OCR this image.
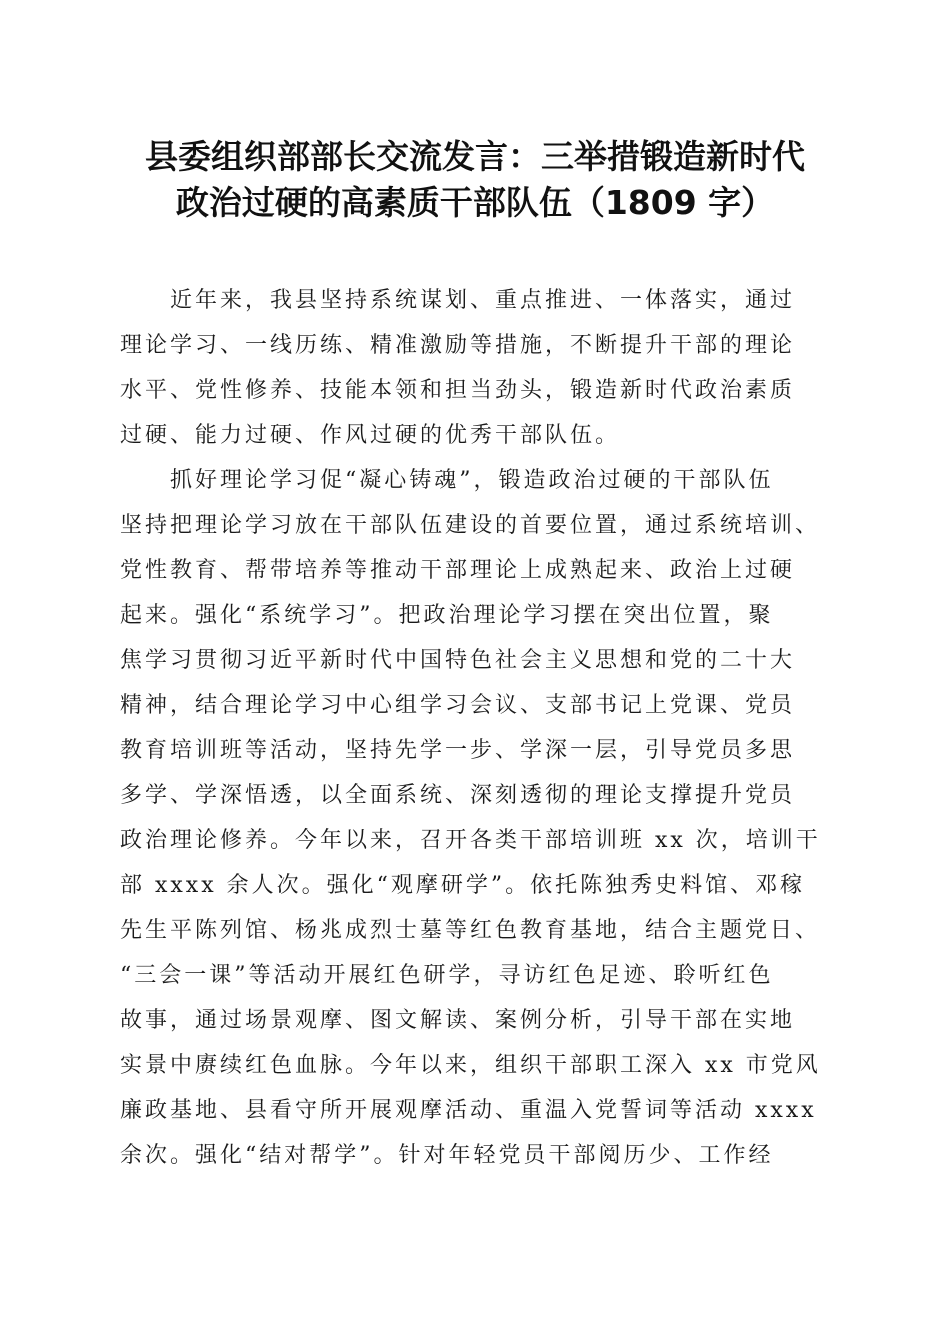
县委组织部部长交流发言：三举措锻造新时代
政治过硬的高素质干部队伍（1809 字）

近年来，我县坚持系统谋划、重点推进、一体落实，通过
理论学习、一线历练、精准激励等措施，不断提升干部的理论
水平、党性修养、技能本领和担当劲头，锻造新时代政治素质
过硬、能力过硬、作风过硬的优秀干部队伍。

抓好理论学习促“凝心铸魂”，锻造政治过硬的干部队伍

坚持把理论学习放在干部队伍建设的首要位置，通过系统培训、
党性教育、帮带培养等推动干部理论上成熟起来、政治上过硬
起来。强化“系统学习”。把政治理论学习摆在突出位置，聚
焦学习贯彻习近平新时代中国特色社会主义思想和党的二十大
精神，结合理论学习中心组学习会议、支部书记上党课、党员
教育培训班等活动，坚持先学一步、学深一层，引导党员多思
多学、学深悟透，以全面系统、深刻透彻的理论支撑提升党员
政治理论修养。今年以来，召开各类干部培训班 xx 次，培训干
部 xxxx 余人次。强化“观摩研学”。依托陈独秀史料馆、邓稼
先生平陈列馆、杨兆成烈士墓等红色教育基地，结合主题党日、
“三会一课”等活动开展红色研学，寻访红色足迹、聆听红色
故事，通过场景观摩、图文解读、案例分析，引导干部在实地
实景中赓续红色血脉。今年以来，组织干部职工深入 xx 市党风
廉政基地、县看守所开展观摩活动、重温入党誓词等活动 xxxx
余次。强化“结对帮学”。针对年轻党员干部阅历少、工作经
